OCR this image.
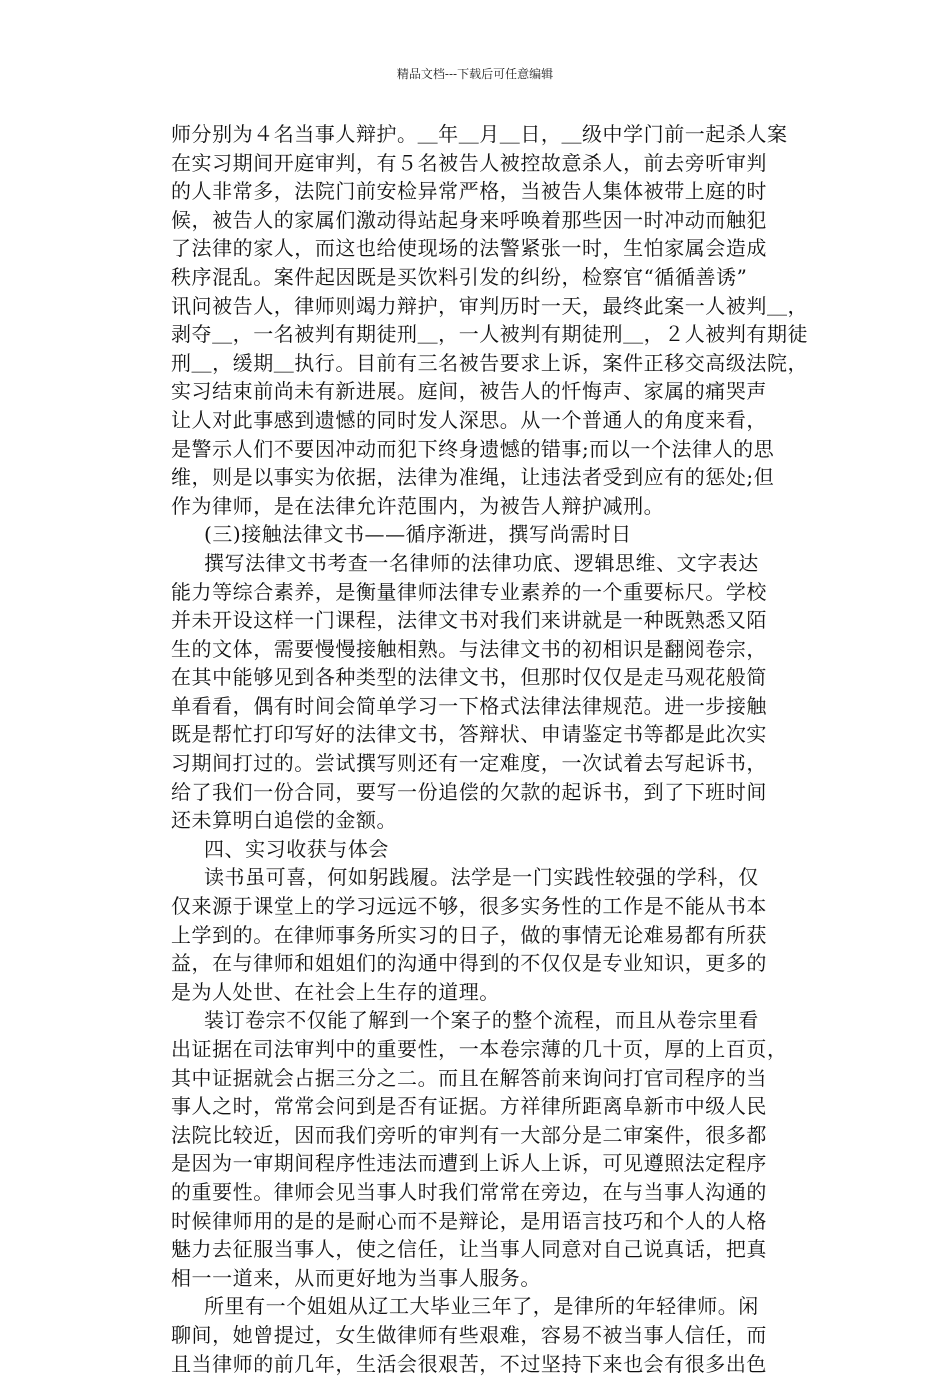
精品文档---下载后可任意编辑
师分别为４名当事人辩护。＿年＿月＿日，＿级中学门前一起杀人案
在实习期间开庭审判，有５名被告人被控故意杀人，前去旁听审判
的人非常多，法院门前安检异常严格，当被告人集体被带上庭的时
候，被告人的家属们激动得站起身来呼唤着那些因一时冲动而触犯
了法律的家人，而这也给使现场的法警紧张一时，生怕家属会造成
秩序混乱。案件起因既是买饮料引发的纠纷，检察官“循循善诱”
讯问被告人，律师则竭力辩护，审判历时一天，最终此案一人被判＿，
剥夺＿，一名被判有期徒刑＿，一人被判有期徒刑＿，２人被判有期徒
刑＿，缓期＿执行。目前有三名被告要求上诉，案件正移交高级法院，
实习结束前尚未有新进展。庭间，被告人的忏悔声、家属的痛哭声
让人对此事感到遗憾的同时发人深思。从一个普通人的角度来看，
是警示人们不要因冲动而犯下终身遗憾的错事;而以一个法律人的思
维，则是以事实为依据，法律为准绳，让违法者受到应有的惩处;但
作为律师，是在法律允许范围内，为被告人辩护减刑。
(三)接触法律文书——循序渐进，撰写尚需时日
撰写法律文书考查一名律师的法律功底、逻辑思维、文字表达
能力等综合素养，是衡量律师法律专业素养的一个重要标尺。学校
并未开设这样一门课程，法律文书对我们来讲就是一种既熟悉又陌
生的文体，需要慢慢接触相熟。与法律文书的初相识是翻阅卷宗，
在其中能够见到各种类型的法律文书，但那时仅仅是走马观花般简
单看看，偶有时间会简单学习一下格式法律法律规范。进一步接触
既是帮忙打印写好的法律文书，答辩状、申请鉴定书等都是此次实
习期间打过的。尝试撰写则还有一定难度，一次试着去写起诉书，
给了我们一份合同，要写一份追偿的欠款的起诉书，到了下班时间
还未算明白追偿的金额。
四、实习收获与体会
读书虽可喜，何如躬践履。法学是一门实践性较强的学科，仅
仅来源于课堂上的学习远远不够，很多实务性的工作是不能从书本
上学到的。在律师事务所实习的日子，做的事情无论难易都有所获
益，在与律师和姐姐们的沟通中得到的不仅仅是专业知识，更多的
是为人处世、在社会上生存的道理。
装订卷宗不仅能了解到一个案子的整个流程，而且从卷宗里看
出证据在司法审判中的重要性，一本卷宗薄的几十页，厚的上百页，
其中证据就会占据三分之二。而且在解答前来询问打官司程序的当
事人之时，常常会问到是否有证据。方祥律所距离阜新市中级人民
法院比较近，因而我们旁听的审判有一大部分是二审案件，很多都
是因为一审期间程序性违法而遭到上诉人上诉，可见遵照法定程序
的重要性。律师会见当事人时我们常常在旁边，在与当事人沟通的
时候律师用的是的是耐心而不是辩论，是用语言技巧和个人的人格
魅力去征服当事人，使之信任，让当事人同意对自己说真话，把真
相一一道来，从而更好地为当事人服务。
所里有一个姐姐从辽工大毕业三年了，是律所的年轻律师。闲
聊间，她曾提过，女生做律师有些艰难，容易不被当事人信任，而
且当律师的前几年，生活会很艰苦，不过坚持下来也会有很多出色
